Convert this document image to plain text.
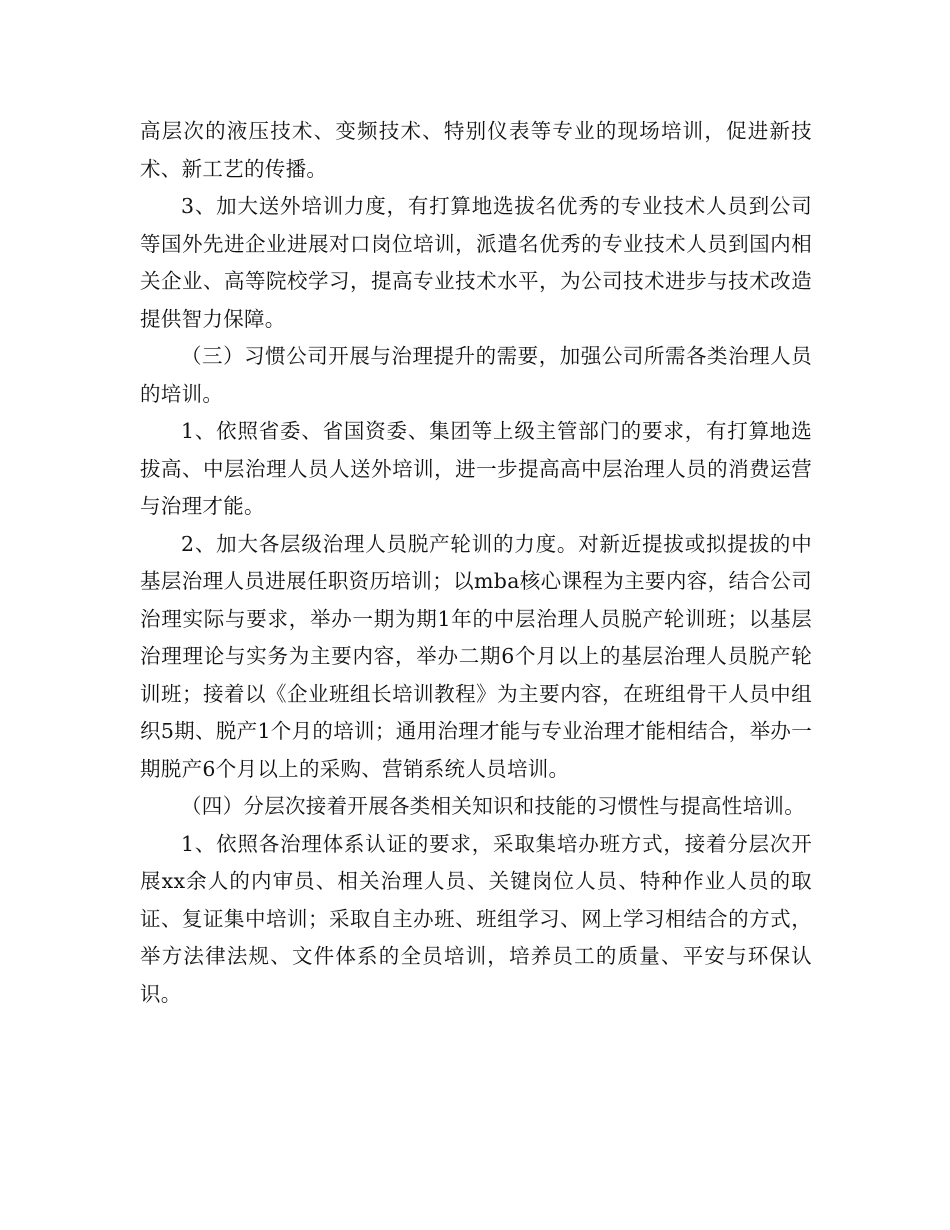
高层次的液压技术、变频技术、特别仪表等专业的现场培训，促进新技术、新工艺的传播。

3、加大送外培训力度，有打算地选拔名优秀的专业技术人员到公司等国外先进企业进展对口岗位培训，派遣名优秀的专业技术人员到国内相关企业、高等院校学习，提高专业技术水平，为公司技术进步与技术改造提供智力保障。

（三）习惯公司开展与治理提升的需要，加强公司所需各类治理人员的培训。

1、依照省委、省国资委、集团等上级主管部门的要求，有打算地选拔高、中层治理人员人送外培训，进一步提高高中层治理人员的消费运营与治理才能。

2、加大各层级治理人员脱产轮训的力度。对新近提拔或拟提拔的中基层治理人员进展任职资历培训；以mba核心课程为主要内容，结合公司治理实际与要求，举办一期为期1年的中层治理人员脱产轮训班；以基层治理理论与实务为主要内容，举办二期6个月以上的基层治理人员脱产轮训班；接着以《企业班组长培训教程》为主要内容，在班组骨干人员中组织5期、脱产1个月的培训；通用治理才能与专业治理才能相结合，举办一期脱产6个月以上的采购、营销系统人员培训。

（四）分层次接着开展各类相关知识和技能的习惯性与提高性培训。

1、依照各治理体系认证的要求，采取集培办班方式，接着分层次开展xx余人的内审员、相关治理人员、关键岗位人员、特种作业人员的取证、复证集中培训；采取自主办班、班组学习、网上学习相结合的方式，举方法律法规、文件体系的全员培训，培养员工的质量、平安与环保认识。
